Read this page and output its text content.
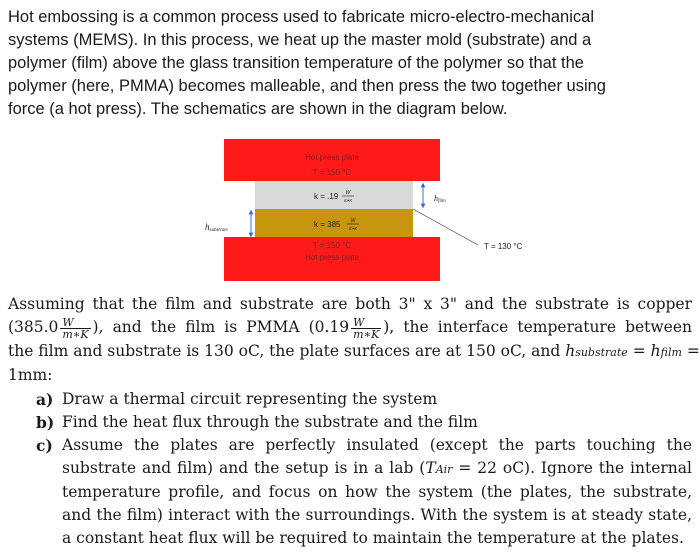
Hot embossing is a common process used to fabricate micro-electro-mechanical
systems (MEMS). In this process, we heat up the master mold (substrate) and a
polymer (film) above the glass transition temperature of the polymer so that the
polymer (here, PMMA) becomes malleable, and then press the two together using
force (a hot press). The schematics are shown in the diagram below.
Hot press plate
T = 150 °C
k = .19 W
m•K
k = 385 W
m•K
T = 150 °C
Hot press plate
hsubstrate
hfilm
T = 130 °C
Assuming that the film and substrate are both 3" x 3" and the substrate is copper
($385.0 \frac{W}{m∗K}$ ), and the film is PMMA ($0.19 \frac{W}{m∗K}$ ), the interface temperature between
the film and substrate is 130 oC, the plate surfaces are at 150 oC, and hsubstrate = hfilm =
1mm:
a) Draw a thermal circuit representing the system
b) Find the heat flux through the substrate and the film
c) Assume the plates are perfectly insulated (except the parts touching the substrate and film) and the setup is in a lab (TAir = 22 oC). Ignore the internal temperature profile, and focus on how the system (the plates, the substrate, and the film) interact with the surroundings. With the system is at steady state, a constant heat flux will be required to maintain the temperature at the plates.
